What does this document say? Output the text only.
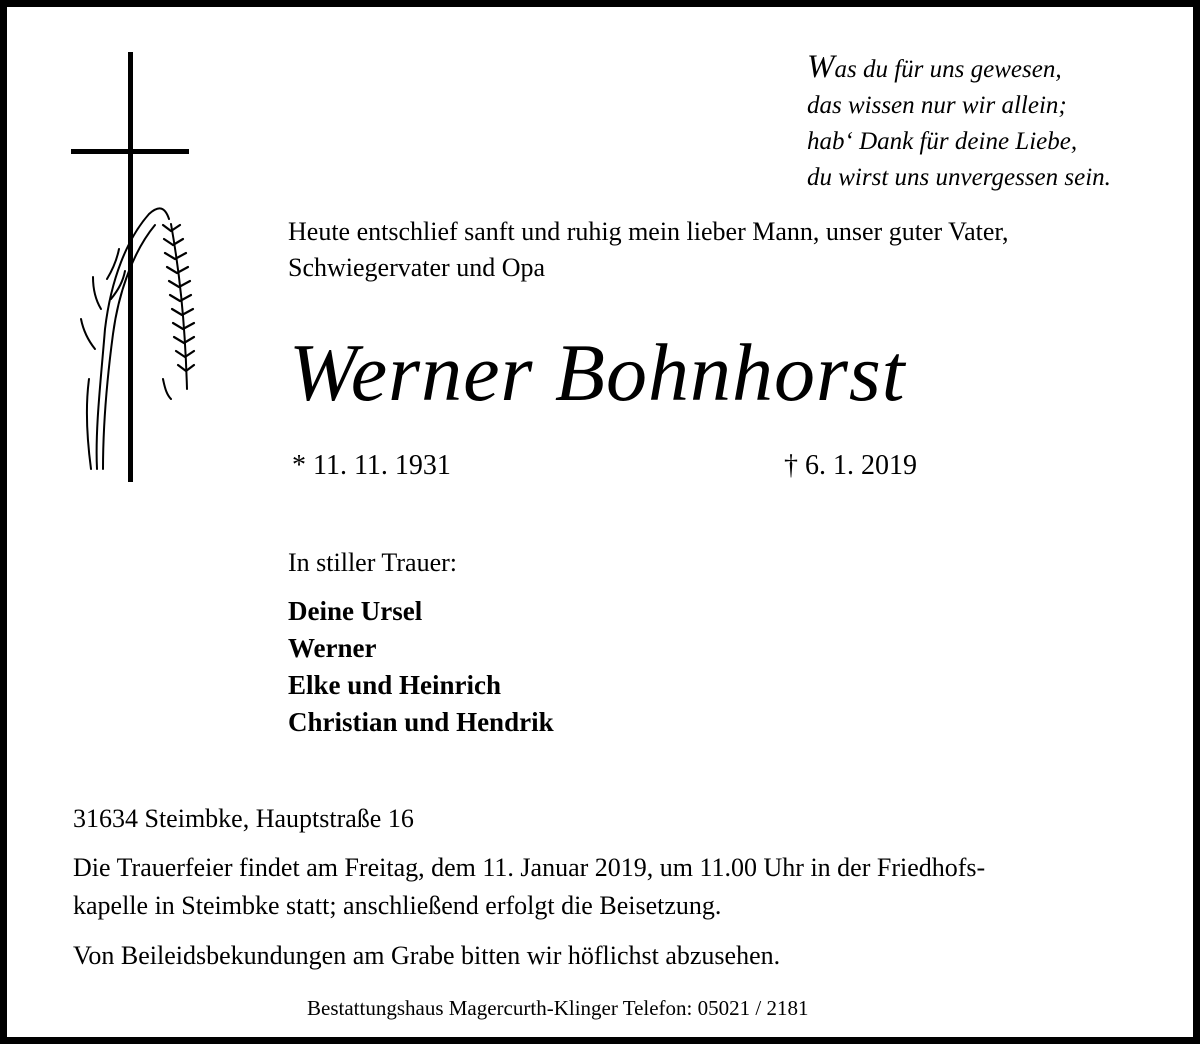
Was du für uns gewesen,
das wissen nur wir allein;
hab‘ Dank für deine Liebe,
du wirst uns unvergessen sein.
Heute entschlief sanft und ruhig mein lieber Mann, unser guter Vater,
Schwiegervater und Opa
Werner Bohnhorst
* 11. 11. 1931	† 6. 1. 2019
In stiller Trauer:
Deine Ursel
Werner
Elke und Heinrich
Christian und Hendrik
31634 Steimbke, Hauptstraße 16
Die Trauerfeier findet am Freitag, dem 11. Januar 2019, um 11.00 Uhr in der Friedhofs-
kapelle in Steimbke statt; anschließend erfolgt die Beisetzung.
Von Beileidsbekundungen am Grabe bitten wir höflichst abzusehen.
Bestattungshaus Magercurth-Klinger Telefon: 05021 / 2181
